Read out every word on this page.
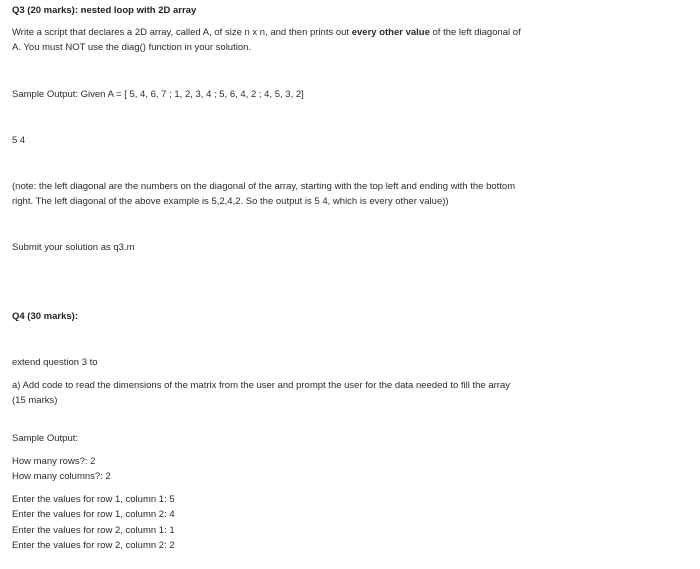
Q3 (20 marks): nested loop with 2D array
Write a script that declares a 2D array, called A, of size n x n, and then prints out every other value of the left diagonal of
A. You must NOT use the diag() function in your solution.
Sample Output: Given A = [ 5, 4, 6, 7 ; 1, 2, 3, 4 ; 5, 6, 4, 2 ; 4, 5, 3, 2]
5 4
(note: the left diagonal are the numbers on the diagonal of the array, starting with the top left and ending with the bottom
right. The left diagonal of the above example is 5,2,4,2. So the output is 5 4, which is every other value))
Submit your solution as q3.m
Q4 (30 marks):
extend question 3 to
a) Add code to read the dimensions of the matrix from the user and prompt the user for the data needed to fill the array
(15 marks)
Sample Output:
How many rows?: 2
How many columns?: 2
Enter the values for row 1, column 1: 5
Enter the values for row 1, column 2: 4
Enter the values for row 2, column 1: 1
Enter the values for row 2, column 2: 2
